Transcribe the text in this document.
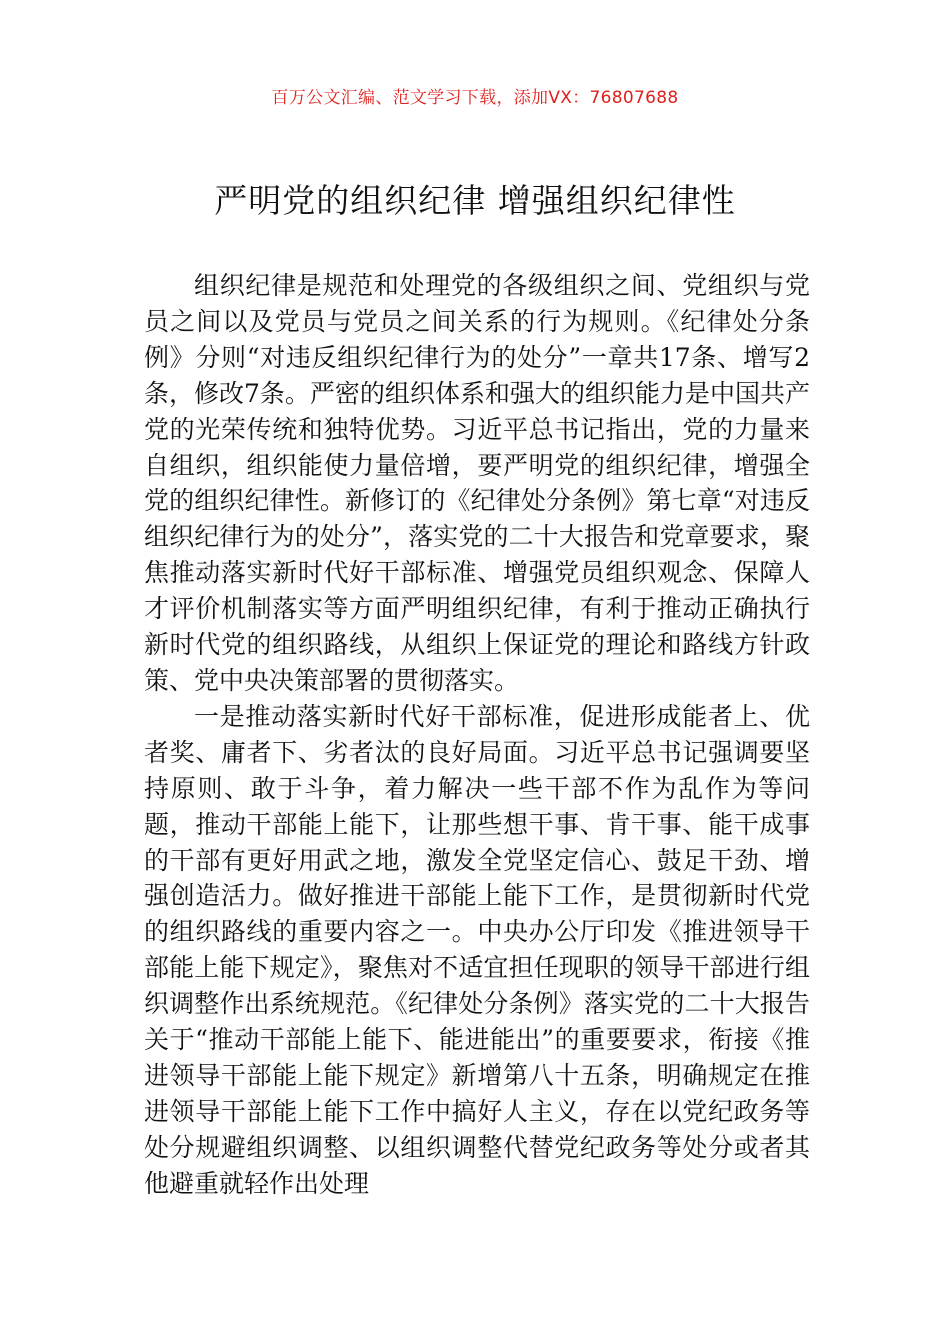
百万公文汇编、范文学习下载，添加VX：76807688
严明党的组织纪律 增强组织纪律性

组织纪律是规范和处理党的各级组织之间、党组织与党员之间以及党员与党员之间关系的行为规则。《纪律处分条例》分则“对违反组织纪律行为的处分”一章共17条、增写2条，修改7条。严密的组织体系和强大的组织能力是中国共产党的光荣传统和独特优势。习近平总书记指出，党的力量来自组织，组织能使力量倍增，要严明党的组织纪律，增强全党的组织纪律性。新修订的《纪律处分条例》第七章“对违反组织纪律行为的处分”，落实党的二十大报告和党章要求，聚焦推动落实新时代好干部标准、增强党员组织观念、保障人才评价机制落实等方面严明组织纪律，有利于推动正确执行新时代党的组织路线，从组织上保证党的理论和路线方针政策、党中央决策部署的贯彻落实。

一是推动落实新时代好干部标准，促进形成能者上、优者奖、庸者下、劣者汰的良好局面。习近平总书记强调要坚持原则、敢于斗争，着力解决一些干部不作为乱作为等问题，推动干部能上能下，让那些想干事、肯干事、能干成事的干部有更好用武之地，激发全党坚定信心、鼓足干劲、增强创造活力。做好推进干部能上能下工作，是贯彻新时代党的组织路线的重要内容之一。中央办公厅印发《推进领导干部能上能下规定》，聚焦对不适宜担任现职的领导干部进行组织调整作出系统规范。《纪律处分条例》落实党的二十大报告关于“推动干部能上能下、能进能出”的重要要求，衔接《推进领导干部能上能下规定》新增第八十五条，明确规定在推进领导干部能上能下工作中搞好人主义，存在以党纪政务等处分规避组织调整、以组织调整代替党纪政务等处分或者其他避重就轻作出处理
